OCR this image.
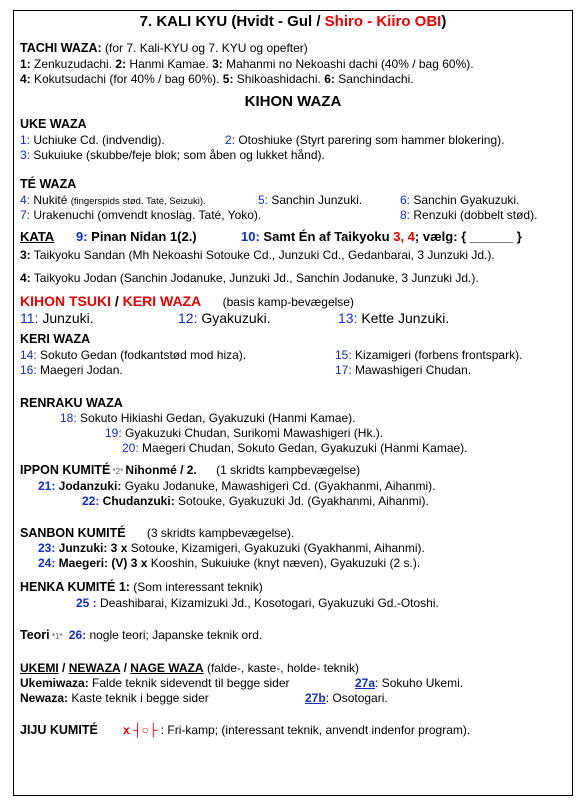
7. KALI KYU (Hvidt - Gul / Shiro - Kiiro OBI)
TACHI WAZA: (for 7. Kali-KYU og 7. KYU og opefter)
1: Zenkuzudachi. 2: Hanmi Kamae. 3: Mahanmi no Nekoashi dachi (40% / bag 60%).
4: Kokutsudachi (for 40% / bag 60%). 5: Shikoashidachi. 6: Sanchindachi.
KIHON WAZA
UKE WAZA
1: Uchiuke Cd. (indvendig).	2: Otoshiuke (Styrt parering som hammer blokering).
3: Sukuiuke (skubbe/feje blok; som åben og lukket hånd).
TÉ WAZA
4: Nukité (fingerspids stød. Taté, Seizuki).	5: Sanchin Junzuki.	6: Sanchin Gyakuzuki.
7: Urakenuchi (omvendt knoslag. Taté, Yoko).	8: Renzuki (dobbelt stød).
KATA	9: Pinan Nidan 1(2.)	10: Samt Én af Taikyoku 3, 4; vælg: { ______ }
3: Taikyoku Sandan (Mh Nekoashi Sotouke Cd., Junzuki Cd., Gedanbarai, 3 Junzuki Jd.).
4: Taikyoku Jodan (Sanchin Jodanuke, Junzuki Jd., Sanchin Jodanuke, 3 Junzuki Jd.).
KIHON TSUKI / KERI WAZA (basis kamp-bevægelse)
11: Junzuki.	12: Gyakuzuki.	13: Kette Junzuki.
KERI WAZA
14: Sokuto Gedan (fodkantstød mod hiza).	15: Kizamigeri (forbens frontspark).
16: Maegeri Jodan.	17: Mawashigeri Chudan.
RENRAKU WAZA
18: Sokuto Hikiashi Gedan, Gyakuzuki (Hanmi Kamae).
19: Gyakuzuki Chudan, Surikomi Mawashigeri (Hk.).
20: Maegeri Chudan, Sokuto Gedan, Gyakuzuki (Hanmi Kamae).
IPPON KUMITÉ *2* Nihonmé / 2. (1 skridts kampbevægelse)
21: Jodanzuki: Gyaku Jodanuke, Mawashigeri Cd. (Gyakhanmi, Aihanmi).
22: Chudanzuki: Sotouke, Gyakuzuki Jd. (Gyakhanmi, Aihanmi).
SANBON KUMITÉ (3 skridts kampbevægelse).
23: Junzuki: 3 x Sotouke, Kizamigeri, Gyakuzuki (Gyakhanmi, Aihanmi).
24: Maegeri: (V) 3 x Kooshin, Sukuiuke (knyt næven), Gyakuzuki (2 s.).
HENKA KUMITÉ 1: (Som interessant teknik)
25 : Deashibarai, Kizamizuki Jd., Kosotogari, Gyakuzuki Gd.-Otoshi.
Teori *1* 26: nogle teori; Japanske teknik ord.
UKEMI / NEWAZA / NAGE WAZA (falde-, kaste-, holde- teknik)
Ukemiwaza: Falde teknik sidevendt til begge sider	27a: Sokuho Ukemi.
Newaza: Kaste teknik i begge sider	27b: Osotogari.
JIJU KUMITÉ x ┤○├ : Fri-kamp; (interessant teknik, anvendt indenfor program).
